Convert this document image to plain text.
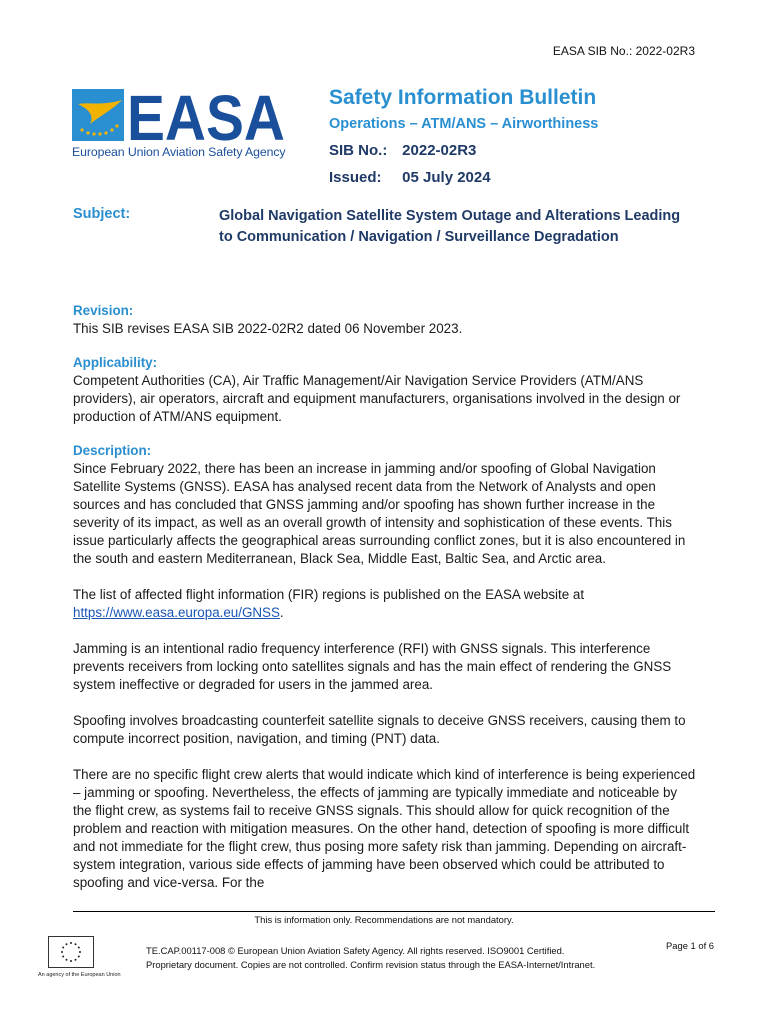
EASA SIB No.: 2022-02R3
EASA
European Union Aviation Safety Agency
Safety Information Bulletin
Operations – ATM/ANS – Airworthiness
SIB No.: 2022-02R3
Issued: 05 July 2024
Subject:	Global Navigation Satellite System Outage and Alterations Leading to Communication / Navigation / Surveillance Degradation
Revision:

This SIB revises EASA SIB 2022-02R2 dated 06 November 2023.

Applicability:

Competent Authorities (CA), Air Traffic Management/Air Navigation Service Providers (ATM/ANS providers), air operators, aircraft and equipment manufacturers, organisations involved in the design or production of ATM/ANS equipment.

Description:

Since February 2022, there has been an increase in jamming and/or spoofing of Global Navigation Satellite Systems (GNSS). EASA has analysed recent data from the Network of Analysts and open sources and has concluded that GNSS jamming and/or spoofing has shown further increase in the severity of its impact, as well as an overall growth of intensity and sophistication of these events. This issue particularly affects the geographical areas surrounding conflict zones, but it is also encountered in the south and eastern Mediterranean, Black Sea, Middle East, Baltic Sea, and Arctic area.

The list of affected flight information (FIR) regions is published on the EASA website at https://www.easa.europa.eu/GNSS.

Jamming is an intentional radio frequency interference (RFI) with GNSS signals. This interference prevents receivers from locking onto satellites signals and has the main effect of rendering the GNSS system ineffective or degraded for users in the jammed area.

Spoofing involves broadcasting counterfeit satellite signals to deceive GNSS receivers, causing them to compute incorrect position, navigation, and timing (PNT) data.

There are no specific flight crew alerts that would indicate which kind of interference is being experienced – jamming or spoofing. Nevertheless, the effects of jamming are typically immediate and noticeable by the flight crew, as systems fail to receive GNSS signals. This should allow for quick recognition of the problem and reaction with mitigation measures. On the other hand, detection of spoofing is more difficult and not immediate for the flight crew, thus posing more safety risk than jamming. Depending on aircraft-system integration, various side effects of jamming have been observed which could be attributed to spoofing and vice-versa. For the

This is information only. Recommendations are not mandatory.
An agency of the European Union
TE.CAP.00117-008 © European Union Aviation Safety Agency. All rights reserved. ISO9001 Certified.
Proprietary document. Copies are not controlled. Confirm revision status through the EASA-Internet/Intranet.
Page 1 of 6
